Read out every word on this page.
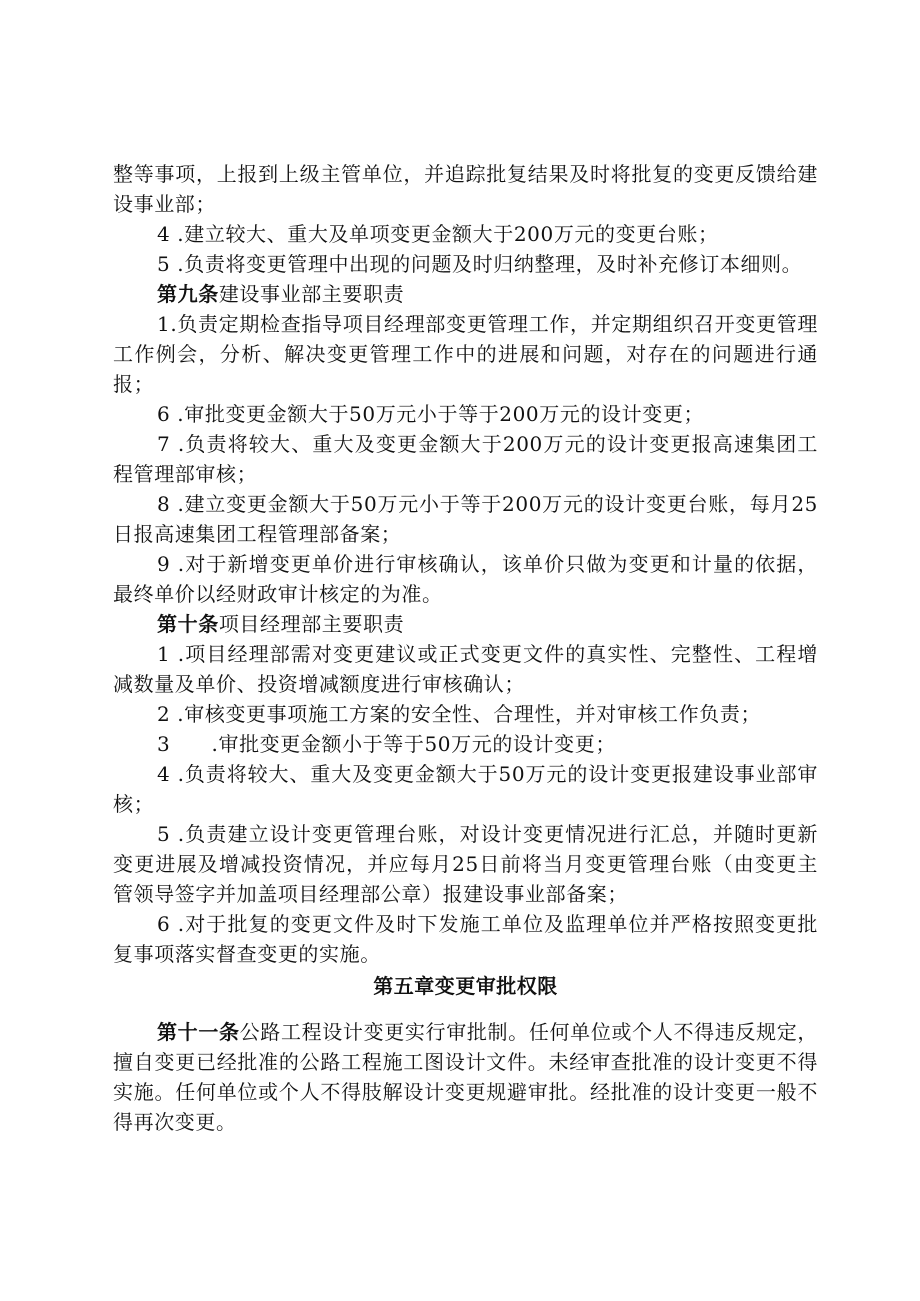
整等事项，上报到上级主管单位，并追踪批复结果及时将批复的变更反馈给建设事业部；

4 .建立较大、重大及单项变更金额大于200万元的变更台账；

5 .负责将变更管理中出现的问题及时归纳整理，及时补充修订本细则。

第九条建设事业部主要职责

1.负责定期检查指导项目经理部变更管理工作，并定期组织召开变更管理工作例会，分析、解决变更管理工作中的进展和问题，对存在的问题进行通报；

6 .审批变更金额大于50万元小于等于200万元的设计变更；

7 .负责将较大、重大及变更金额大于200万元的设计变更报高速集团工程管理部审核；

8 .建立变更金额大于50万元小于等于200万元的设计变更台账，每月25日报高速集团工程管理部备案；

9 .对于新增变更单价进行审核确认，该单价只做为变更和计量的依据，最终单价以经财政审计核定的为准。

第十条项目经理部主要职责

1 .项目经理部需对变更建议或正式变更文件的真实性、完整性、工程增减数量及单价、投资增减额度进行审核确认；

2 .审核变更事项施工方案的安全性、合理性，并对审核工作负责；

3　　.审批变更金额小于等于50万元的设计变更；

4 .负责将较大、重大及变更金额大于50万元的设计变更报建设事业部审核；

5 .负责建立设计变更管理台账，对设计变更情况进行汇总，并随时更新变更进展及增减投资情况，并应每月25日前将当月变更管理台账（由变更主管领导签字并加盖项目经理部公章）报建设事业部备案；

6 .对于批复的变更文件及时下发施工单位及监理单位并严格按照变更批复事项落实督查变更的实施。

第五章变更审批权限

第十一条公路工程设计变更实行审批制。任何单位或个人不得违反规定，擅自变更已经批准的公路工程施工图设计文件。未经审查批准的设计变更不得实施。任何单位或个人不得肢解设计变更规避审批。经批准的设计变更一般不得再次变更。
